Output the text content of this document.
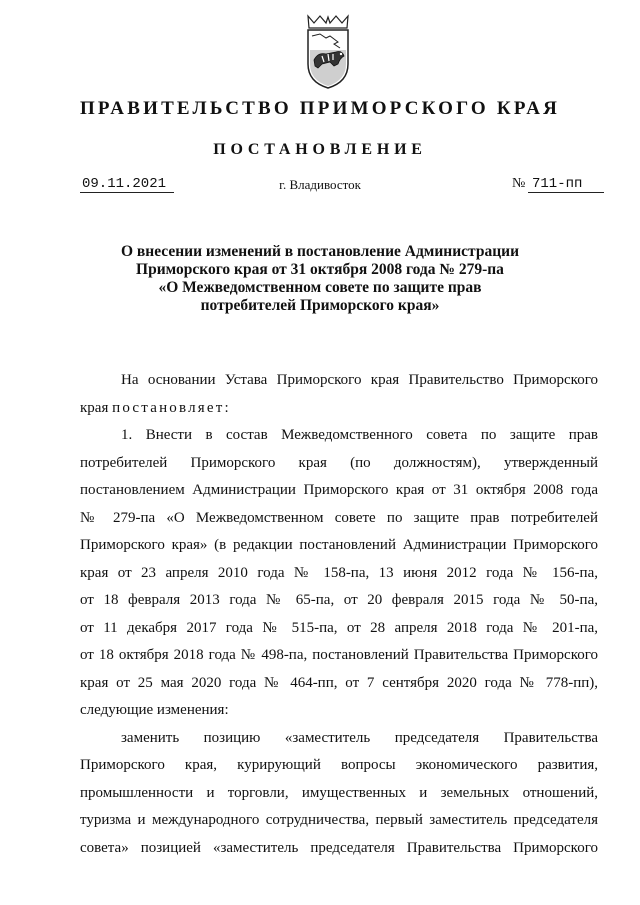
ПРАВИТЕЛЬСТВО ПРИМОРСКОГО КРАЯ
ПОСТАНОВЛЕНИЕ
09.11.2021	г. Владивосток	№ 711-пп
О внесении изменений в постановление Администрации
Приморского края от 31 октября 2008 года № 279-па
«О Межведомственном совете по защите прав
потребителей Приморского края»
На основании Устава Приморского края Правительство Приморского
края постановляет:
1. Внести в состав Межведомственного совета по защите прав
потребителей Приморского края (по должностям), утвержденный
постановлением Администрации Приморского края от 31 октября 2008 года
№ 279-па «О Межведомственном совете по защите прав потребителей
Приморского края» (в редакции постановлений Администрации Приморского
края от 23 апреля 2010 года № 158-па, 13 июня 2012 года № 156-па,
от 18 февраля 2013 года № 65-па, от 20 февраля 2015 года № 50-па,
от 11 декабря 2017 года № 515-па, от 28 апреля 2018 года № 201-па,
от 18 октября 2018 года № 498-па, постановлений Правительства Приморского
края от 25 мая 2020 года № 464-пп, от 7 сентября 2020 года № 778-пп),
следующие изменения:
заменить позицию «заместитель председателя Правительства
Приморского края, курирующий вопросы экономического развития,
промышленности и торговли, имущественных и земельных отношений,
туризма и международного сотрудничества, первый заместитель председателя
совета» позицией «заместитель председателя Правительства Приморского
